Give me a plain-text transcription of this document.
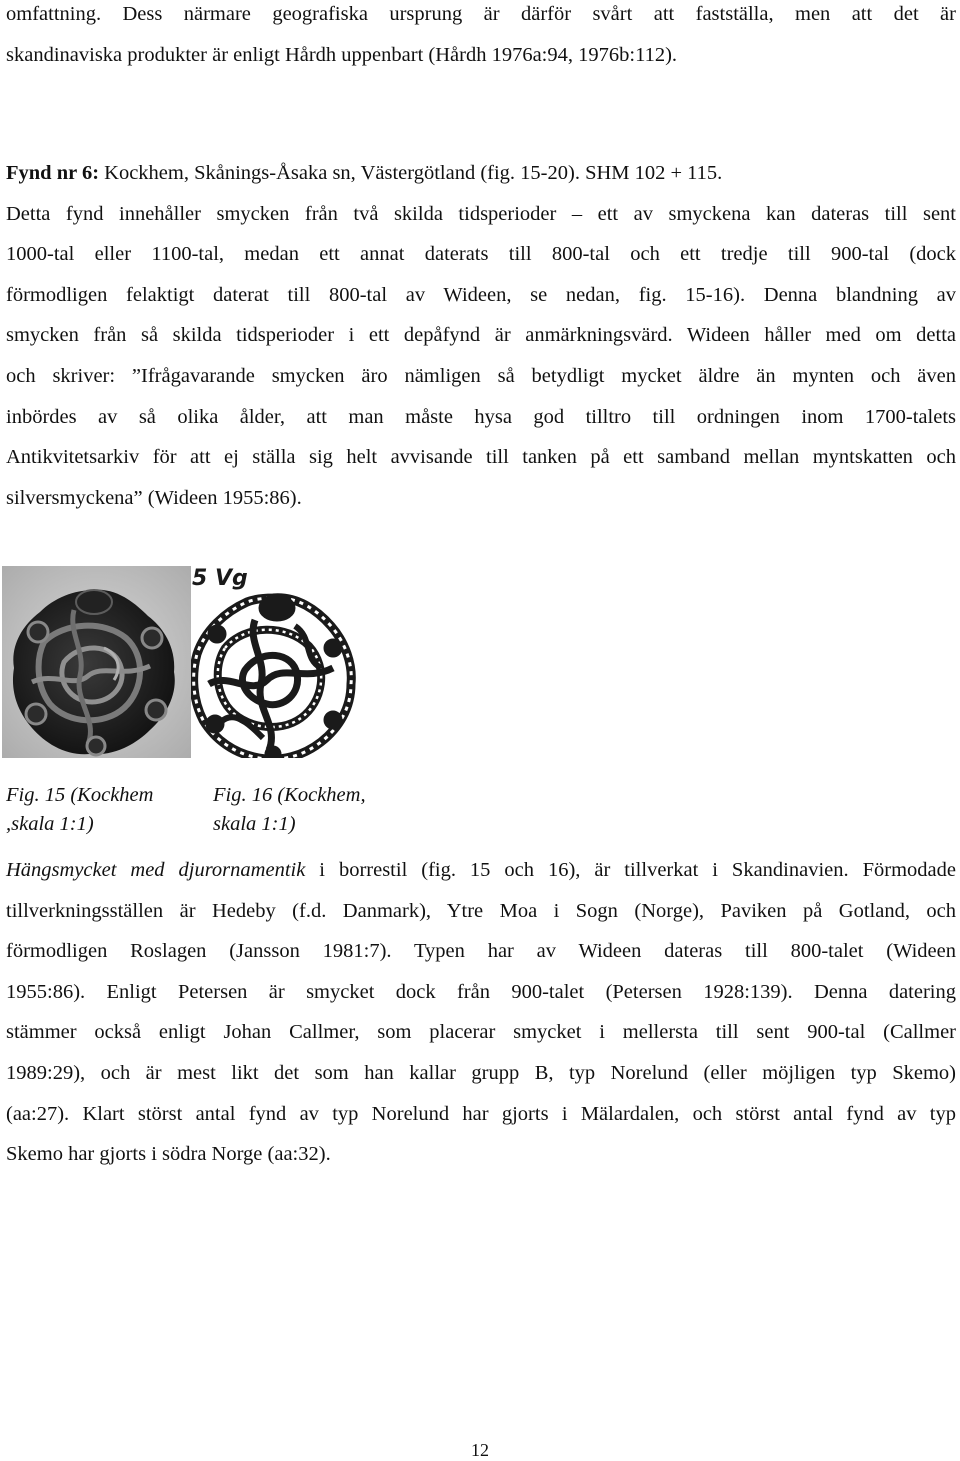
omfattning. Dess närmare geografiska ursprung är därför svårt att fastställa, men att det är
skandinaviska produkter är enligt Hårdh uppenbart (Hårdh 1976a:94, 1976b:112).

Fynd nr 6: Kockhem, Skånings-Åsaka sn, Västergötland (fig. 15-20). SHM 102 + 115.
Detta fynd innehåller smycken från två skilda tidsperioder – ett av smyckena kan dateras till sent
1000-tal eller 1100-tal, medan ett annat daterats till 800-tal och ett tredje till 900-tal (dock
förmodligen felaktigt daterat till 800-tal av Wideen, se nedan, fig. 15-16). Denna blandning av
smycken från så skilda tidsperioder i ett depåfynd är anmärkningsvärd. Wideen håller med om detta
och skriver: ”Ifrågavarande smycken äro nämligen så betydligt mycket äldre än mynten och även
inbördes av så olika ålder, att man måste hysa god tilltro till ordningen inom 1700-talets
Antikvitetsarkiv för att ej ställa sig helt avvisande till tanken på ett samband mellan myntskatten och
silversmyckena” (Wideen 1955:86).

5 Vg
Fig. 15 (Kockhem
,skala 1:1)
Fig. 16 (Kockhem,
skala 1:1)

Hängsmycket med djurornamentik i borrestil (fig. 15 och 16), är tillverkat i Skandinavien. Förmodade
tillverkningsställen är Hedeby (f.d. Danmark), Ytre Moa i Sogn (Norge), Paviken på Gotland, och
förmodligen Roslagen (Jansson 1981:7). Typen har av Wideen dateras till 800-talet (Wideen
1955:86). Enligt Petersen är smycket dock från 900-talet (Petersen 1928:139). Denna datering
stämmer också enligt Johan Callmer, som placerar smycket i mellersta till sent 900-tal (Callmer
1989:29), och är mest likt det som han kallar grupp B, typ Norelund (eller möjligen typ Skemo)
(aa:27). Klart störst antal fynd av typ Norelund har gjorts i Mälardalen, och störst antal fynd av typ
Skemo har gjorts i södra Norge (aa:32).

12
